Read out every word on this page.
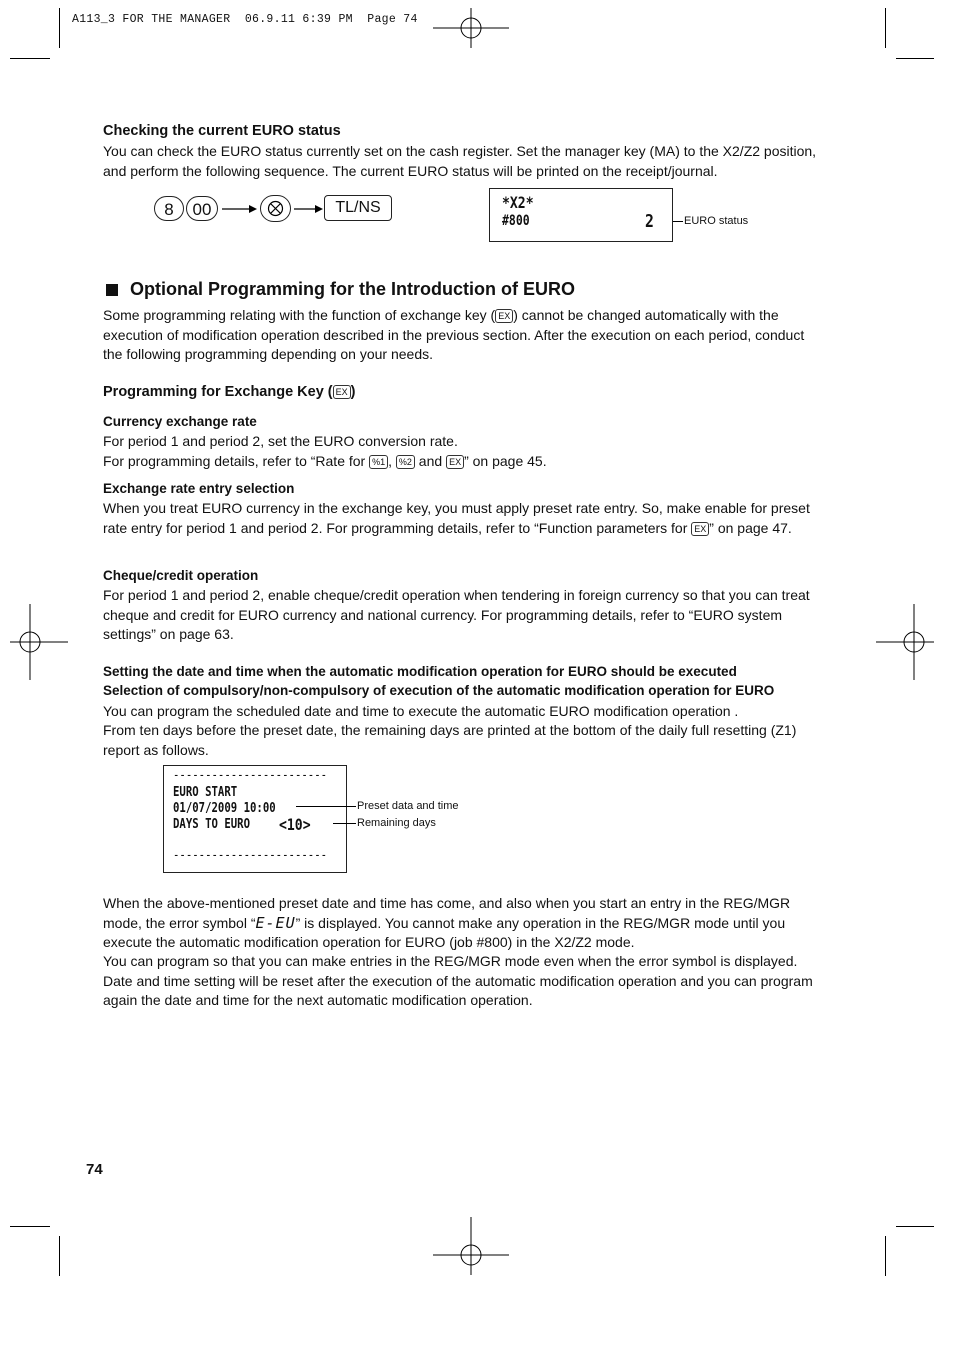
A113_3 FOR THE MANAGER  06.9.11 6:39 PM  Page 74
Checking the current EURO status
You can check the EURO status currently set on the cash register. Set the manager key (MA) to the X2/Z2 position, and perform the following sequence. The current EURO status will be printed on the receipt/journal.
8	00	TL/NS	*X2*
#800	2	EURO status
Optional Programming for the Introduction of EURO
Some programming relating with the function of exchange key ( EX ) cannot be changed automatically with the execution of modification operation described in the previous section. After the execution on each period, conduct the following programming depending on your needs.
Programming for Exchange Key ( EX )
Currency exchange rate
For period 1 and period 2, set the EURO conversion rate.
For programming details, refer to “Rate for %1 , %2 and EX ” on page 45.
Exchange rate entry selection
When you treat EURO currency in the exchange key, you must apply preset rate entry. So, make enable for preset rate entry for period 1 and period 2. For programming details, refer to “Function parameters for EX ” on page 47.
Cheque/credit operation
For period 1 and period 2, enable cheque/credit operation when tendering in foreign currency so that you can treat cheque and credit for EURO currency and national currency. For programming details, refer to “EURO system settings” on page 63.
Setting the date and time when the automatic modification operation for EURO should be executed
Selection of compulsory/non-compulsory of execution of the automatic modification operation for EURO
You can program the scheduled date and time to execute the automatic EURO modification operation .
From ten days before the preset date, the remaining days are printed at the bottom of the daily full resetting (Z1) report as follows.
------------------------
EURO START
01/07/2009 10:00
DAYS TO EURO <10>
------------------------
Preset data and time
Remaining days
When the above-mentioned preset date and time has come, and also when you start an entry in the REG/MGR mode, the error symbol “E-EU” is displayed. You cannot make any operation in the REG/MGR mode until you execute the automatic modification operation for EURO (job #800) in the X2/Z2 mode.
You can program so that you can make entries in the REG/MGR mode even when the error symbol is displayed. Date and time setting will be reset after the execution of the automatic modification operation and you can program again the date and time for the next automatic modification operation.
74
